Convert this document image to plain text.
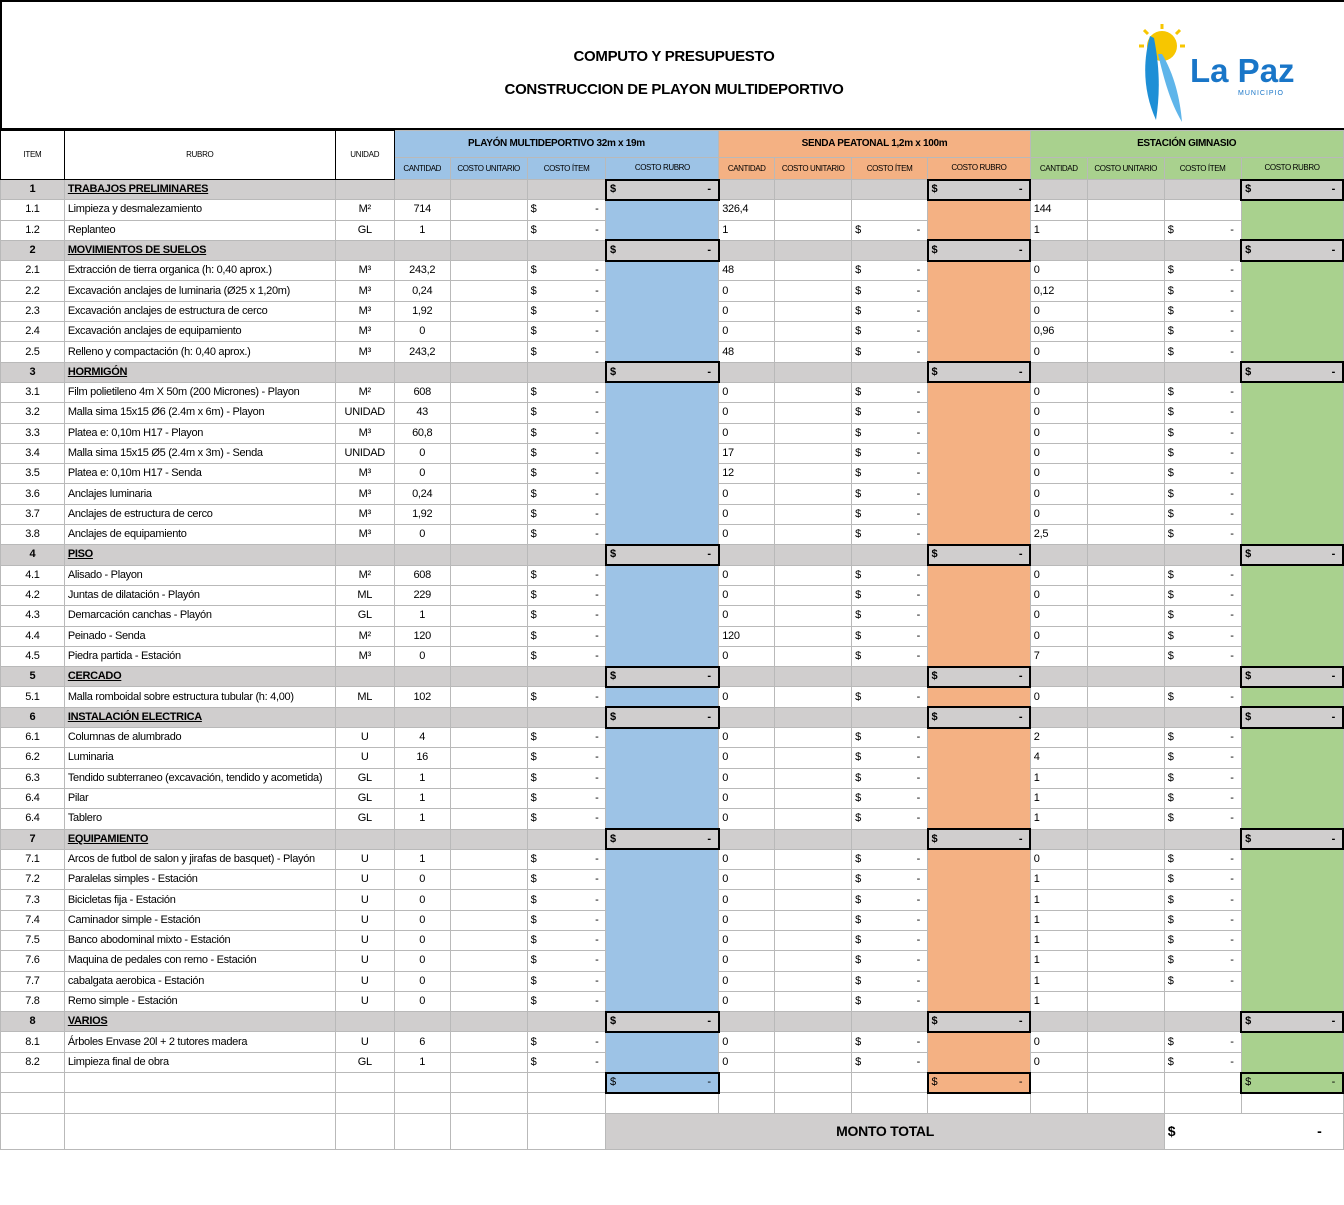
COMPUTO Y PRESUPUESTO
CONSTRUCCION DE PLAYON MULTIDEPORTIVO
La Paz
MUNICIPIO
ITEM	RUBRO	UNIDAD	PLAYÓN MULTIDEPORTIVO 32m x 19m				SENDA PEATONAL 1,2m x 100m				ESTACIÓN GIMNASIO			
			CANTIDAD	COSTO UNITARIO	COSTO ÍTEM	COSTO RUBRO	CANTIDAD	COSTO UNITARIO	COSTO ÍTEM	COSTO RUBRO	CANTIDAD	COSTO UNITARIO	COSTO ÍTEM	COSTO RUBRO
1	TRABAJOS PRELIMINARES					$ -				$ -				$ -

1.1	Limpieza y desmalezamiento	M²	714		$ -		326,4				144			
1.2	Replanteo	GL	1		$ -		1		$ -		1		$ -	

2	MOVIMIENTOS DE SUELOS					$ -				$ -				$ -

2.1	Extracción de tierra organica (h: 0,40 aprox.)	M³	243,2		$ -		48		$ -		0		$ -	

2.2	Excavación anclajes de luminaria (Ø25 x 1,20m)	M³	0,24		$ -		0		$ -		0,12		$ -	

2.3	Excavación anclajes de estructura de cerco	M³	1,92		$ -		0		$ -		0		$ -	

2.4	Excavación anclajes de equipamiento	M³	0		$ -		0		$ -		0,96		$ -	

2.5	Relleno y compactación (h: 0,40 aprox.)	M³	243,2		$ -		48		$ -		0		$ -	

3	HORMIGÓN					$ -				$ -				$ -

3.1	Film polietileno 4m X 50m (200 Micrones) - Playon	M²	608		$ -		0		$ -		0		$ -	

3.2	Malla sima 15x15 Ø6 (2.4m x 6m) - Playon	UNIDAD	43		$ -		0		$ -		0		$ -	

3.3	Platea e: 0,10m H17 - Playon	M³	60,8		$ -		0		$ -		0		$ -	

3.4	Malla sima 15x15 Ø5 (2.4m x 3m) - Senda	UNIDAD	0		$ -		17		$ -		0		$ -	

3.5	Platea e: 0,10m H17 - Senda	M³	0		$ -		12		$ -		0		$ -	

3.6	Anclajes luminaria	M³	0,24		$ -		0		$ -		0		$ -	

3.7	Anclajes de estructura de cerco	M³	1,92		$ -		0		$ -		0		$ -	

3.8	Anclajes de equipamiento	M³	0		$ -		0		$ -		2,5		$ -	

4	PISO					$ -				$ -				$ -

4.1	Alisado - Playon	M²	608		$ -		0		$ -		0		$ -	

4.2	Juntas de dilatación - Playón	ML	229		$ -		0		$ -		0		$ -	

4.3	Demarcación canchas - Playón	GL	1		$ -		0		$ -		0		$ -	

4.4	Peinado - Senda	M²	120		$ -		120		$ -		0		$ -	

4.5	Piedra partida - Estación	M³	0		$ -		0		$ -		7		$ -	

5	CERCADO					$ -				$ -				$ -

5.1	Malla romboidal sobre estructura tubular (h: 4,00)	ML	102		$ -		0		$ -		0		$ -	

6	INSTALACIÓN ELECTRICA					$ -				$ -				$ -

6.1	Columnas de alumbrado	U	4		$ -		0		$ -		2		$ -	

6.2	Luminaria	U	16		$ -		0		$ -		4		$ -	

6.3	Tendido subterraneo (excavación, tendido y acometida)	GL	1		$ -		0		$ -		1		$ -	

6.4	Pilar	GL	1		$ -		0		$ -		1		$ -	

6.4	Tablero	GL	1		$ -		0		$ -		1		$ -	

7	EQUIPAMIENTO					$ -				$ -				$ -

7.1	Arcos de futbol de salon y jirafas de basquet) - Playón	U	1		$ -		0		$ -		0		$ -	

7.2	Paralelas simples - Estación	U	0		$ -		0		$ -		1		$ -	

7.3	Bicicletas fija - Estación	U	0		$ -		0		$ -		1		$ -	

7.4	Caminador simple - Estación	U	0		$ -		0		$ -		1		$ -	

7.5	Banco abodominal mixto - Estación	U	0		$ -		0		$ -		1		$ -	

7.6	Maquina de pedales con remo - Estación	U	0		$ -		0		$ -		1		$ -	

7.7	cabalgata aerobica - Estación	U	0		$ -		0		$ -		1		$ -	

7.8	Remo simple - Estación	U	0		$ -		0		$ -		1			
8	VARIOS					$ -				$ -				$ -

8.1	Árboles Envase 20l + 2 tutores madera	U	6		$ -		0		$ -		0		$ -	

8.2	Limpieza final de obra	GL	1		$ -		0		$ -		0		$ -	

						$ -				$ -				$ -

						MONTO TOTAL							$ -	
